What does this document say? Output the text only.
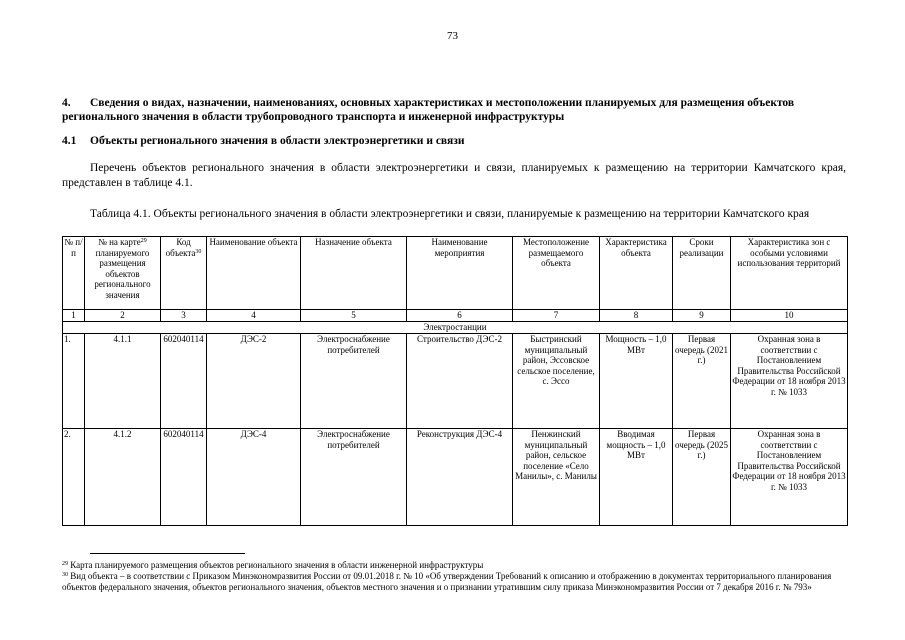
73
4. Сведения о видах, назначении, наименованиях, основных характеристиках и местоположении планируемых для размещения объектов регионального значения в области трубопроводного транспорта и инженерной инфраструктуры
4.1 Объекты регионального значения в области электроэнергетики и связи
Перечень объектов регионального значения в области электроэнергетики и связи, планируемых к размещению на территории Камчатского края, представлен в таблице 4.1.
Таблица 4.1. Объекты регионального значения в области электроэнергетики и связи, планируемые к размещению на территории Камчатского края
№ п/п	№ на карте$^{29}$ планируемого размещения объектов регионального значения	Код объекта$^{30}$	Наименование объекта	Назначение объекта	Наименование мероприятия	Местоположение размещаемого объекта	Характеристика объекта	Сроки реализации	Характеристика зон с особыми условиями использования территорий
1	2	3	4	5	6	7	8	9	10
Электростанции									
1.	4.1.1	602040114	ДЭС-2	Электроснабжение потребителей	Строительство ДЭС-2	Быстринский муниципальный район, Эссовское сельское поселение, с. Эссо	Мощность – 1,0 МВт	Первая очередь (2021 г.)	Охранная зона в соответствии с Постановлением Правительства Российской Федерации от 18 ноября 2013 г. № 1033
2.	4.1.2	602040114	ДЭС-4	Электроснабжение потребителей	Реконструкция ДЭС-4	Пенжинский муниципальный район, сельское поселение «Село Манилы», с. Манилы	Вводимая мощность – 1,0 МВт	Первая очередь (2025 г.)	Охранная зона в соответствии с Постановлением Правительства Российской Федерации от 18 ноября 2013 г. № 1033
$^{29}$ Карта планируемого размещения объектов регионального значения в области инженерной инфраструктуры
$^{30}$ Вид объекта – в соответствии с Приказом Минэкономразвития России от 09.01.2018 г. № 10 «Об утверждении Требований к описанию и отображению в документах территориального планирования объектов федерального значения, объектов регионального значения, объектов местного значения и о признании утратившим силу приказа Минэкономразвития России от 7 декабря 2016 г. № 793»
